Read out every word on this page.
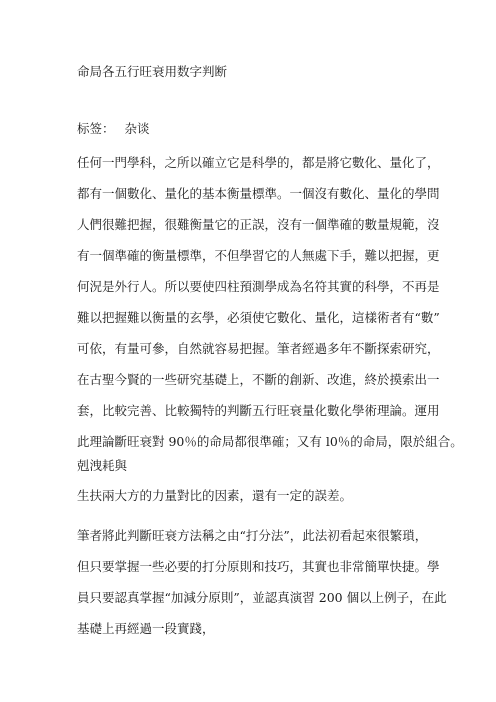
命局各五行旺衰用数字判断
标签： 杂谈
任何一門學科，之所以確立它是科學的，都是將它數化、量化了，
都有一個數化、量化的基本衡量標準。一個沒有數化、量化的學問
人們很難把握，很難衡量它的正誤，沒有一個準確的數量規範，沒
有一個準確的衡量標準，不但學習它的人無處下手，難以把握，更
何況是外行人。所以要使四柱預測學成為名符其實的科學，不再是
難以把握難以衡量的玄學，必須使它數化、量化，這樣術者有“數”
可依，有量可參，自然就容易把握。筆者經過多年不斷探索研究，
在古聖今賢的一些研究基礎上，不斷的創新、改進，終於摸索出一
套，比較完善、比較獨特的判斷五行旺衰量化數化學術理論。運用
此理論斷旺衰對 90％的命局都很準確；又有 l0％的命局，限於組合。
剋洩耗與
生扶兩大方的力量對比的因素，還有一定的誤差。
筆者將此判斷旺衰方法稱之由“打分法”，此法初看起來很繁瑣，
但只要掌握一些必要的打分原則和技巧，其實也非常簡單快捷。學
員只要認真掌握“加減分原則”，並認真演習 200 個以上例子，在此
基礎上再經過一段實踐，
